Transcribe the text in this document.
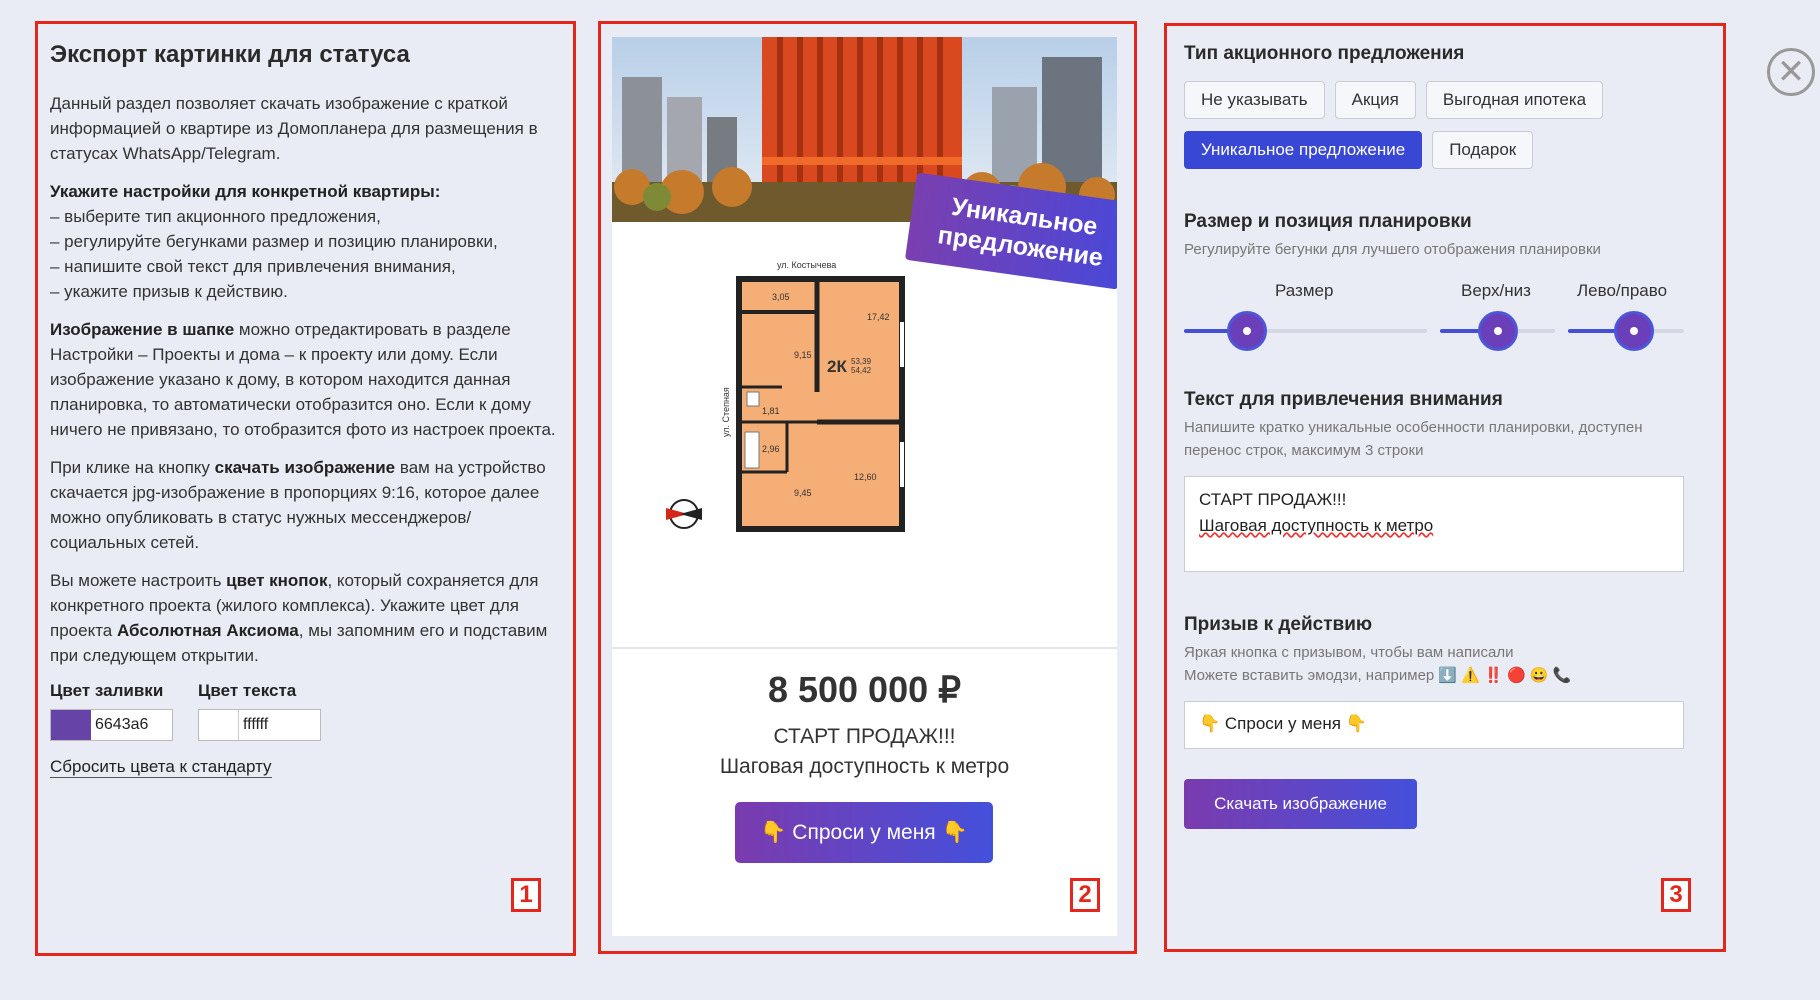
Экспорт картинки для статуса

Данный раздел позволяет скачать изображение с краткой информацией о квартире из Домопланера для размещения в статусах WhatsApp/Telegram.

Укажите настройки для конкретной квартиры:
– выберите тип акционного предложения,
– регулируйте бегунками размер и позицию планировки,
– напишите свой текст для привлечения внимания,
– укажите призыв к действию.

Изображение в шапке можно отредактировать в разделе Настройки – Проекты и дома – к проекту или дому. Если изображение указано к дому, в котором находится данная планировка, то автоматически отобразится оно. Если к дому ничего не привязано, то отобразится фото из настроек проекта.

При клике на кнопку скачать изображение вам на устройство скачается jpg-изображение в пропорциях 9:16, которое далее можно опубликовать в статус нужных мессенджеров/социальных сетей.

Вы можете настроить цвет кнопок, который сохраняется для конкретного проекта (жилого комплекса). Укажите цвет для проекта Абсолютная Аксиома, мы запомним его и подставим при следующем открытии.

Цвет заливки
6643a6
Цвет текста
ffffff
Сбросить цвета к стандарту
1
Уникальное предложение
ул. Костычева
3,05
17,42
9,15
1,81
2,96
12,60
9,45
53,39
54,42
2К
ул. Степная
8 500 000 ₽
СТАРТ ПРОДАЖ!!!
Шаговая доступность к метро
👇 Спроси у меня 👇
2
Тип акционного предложения
Не указывать	Акция	Выгодная ипотека
Уникальное предложение	Подарок
Размер и позиция планировки
Регулируйте бегунки для лучшего отображения планировки
Размер	Верх/низ	Лево/право
Текст для привлечения внимания
Напишите кратко уникальные особенности планировки, доступен перенос строк, максимум 3 строки
СТАРТ ПРОДАЖ!!!
Шаговая доступность к метро
Призыв к действию
Яркая кнопка с призывом, чтобы вам написали
Можете вставить эмодзи, например ⬇️ ⚠️ ‼️ 🔴 😀 📞
👇 Спроси у меня 👇
Скачать изображение
3
✕
